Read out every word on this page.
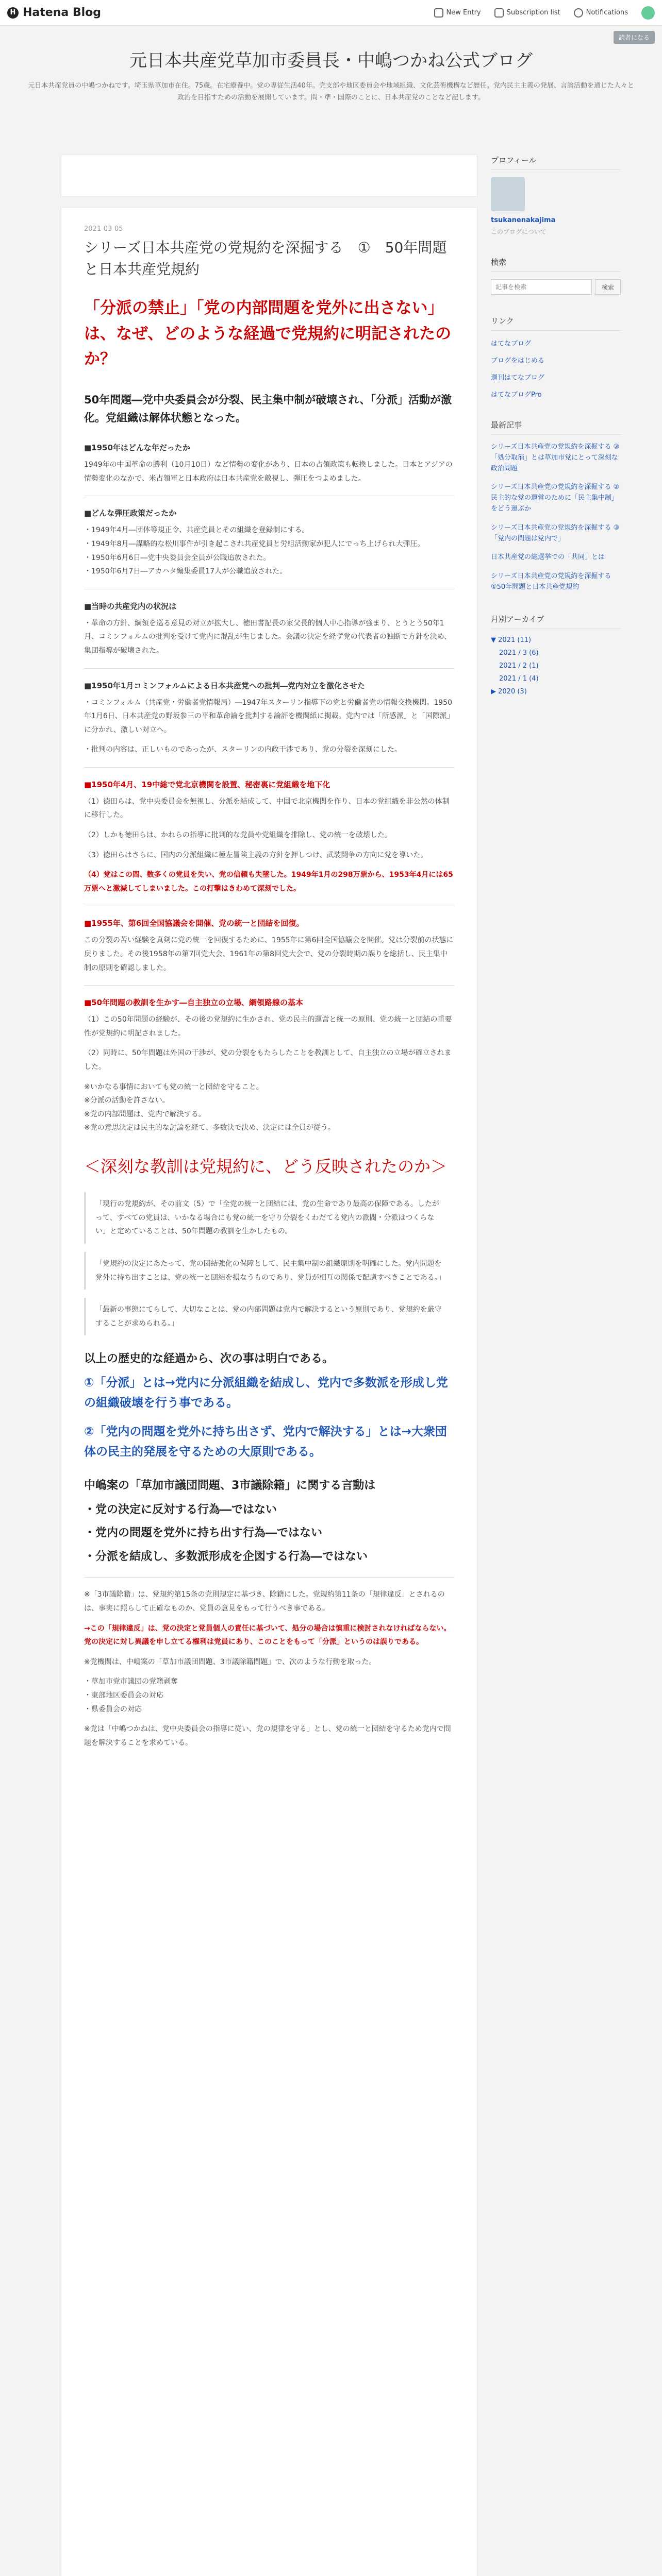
H Hatena Blog	New Entry	Subscription list	Notifications
読者になる
元日本共産党草加市委員長・中嶋つかね公式ブログ

元日本共産党員の中嶋つかねです。埼玉県草加市在住。75歳。在宅療養中。党の専従生活40年。党支部や地区委員会や地域組織、文化芸術機構など歴任。党内民主主義の発展、言論活動を通じた人々と政治を目指すための活動を展開しています。問・準・国際のことに、日本共産党のことなど記します。

2021-03-05
シリーズ日本共産党の党規約を深掘する　①　50年問題と日本共産党規約
「分派の禁止」「党の内部問題を党外に出さない」は、なぜ、どのような経過で党規約に明記されたのか？
50年問題―党中央委員会が分裂、民主集中制が破壊され、「分派」活動が激化。党組織は解体状態となった。
■1950年はどんな年だったか

1949年の中国革命の勝利（10月10日）など情勢の変化があり、日本の占領政策も転換しました。日本とアジアの情勢変化のなかで、米占領軍と日本政府は日本共産党を敵視し、弾圧をつよめました。

■どんな弾圧政策だったか
・1949年4月―団体等規正令、共産党員とその組織を登録制にする。
・1949年8月―謀略的な松川事件が引き起こされ共産党員と労組活動家が犯人にでっち上げられ大弾圧。
・1950年6月6日―党中央委員会全員が公職追放された。
・1950年6月7日―アカハタ編集委員17人が公職追放された。
■当時の共産党内の状況は

・革命の方針、綱領を巡る意見の対立が拡大し、徳田書記長の家父長的個人中心指導が強まり、とうとう50年1月、コミンフォルムの批判を受けて党内に混乱が生じました。会議の決定を経ず党の代表者の独断で方針を決め、集団指導が破壊された。

■1950年1月コミンフォルムによる日本共産党への批判―党内対立を激化させた

・コミンフォルム（共産党・労働者党情報局）―1947年スターリン指導下の党と労働者党の情報交換機関。1950年1月6日、日本共産党の野坂参三の平和革命論を批判する論評を機関紙に掲載。党内では「所感派」と「国際派」に分かれ、激しい対立へ。

・批判の内容は、正しいものであったが、スターリンの内政干渉であり、党の分裂を深刻にした。

■1950年4月、19中総で党北京機関を設置、秘密裏に党組織を地下化

（1）徳田らは、党中央委員会を無視し、分派を結成して、中国で北京機関を作り、日本の党組織を非公然の体制に移行した。

（2）しかも徳田らは、かれらの指導に批判的な党員や党組織を排除し、党の統一を破壊した。

（3）徳田らはさらに、国内の分派組織に極左冒険主義の方針を押しつけ、武装闘争の方向に党を導いた。

（4）党はこの間、数多くの党員を失い、党の信頼も失墜した。1949年1月の298万票から、1953年4月には65万票へと激減してしまいました。この打撃はきわめて深刻でした。

■1955年、第6回全国協議会を開催、党の統一と団結を回復。

この分裂の苦い経験を真剣に党の統一を回復するために、1955年に第6回全国協議会を開催。党は分裂前の状態に戻りました。その後1958年の第7回党大会、1961年の第8回党大会で、党の分裂時期の誤りを総括し、民主集中制の原則を確認しました。

■50年問題の教訓を生かす―自主独立の立場、綱領路線の基本

（1）この50年問題の経験が、その後の党規約に生かされ、党の民主的運営と統一の原則、党の統一と団結の重要性が党規約に明記されました。

（2）同時に、50年問題は外国の干渉が、党の分裂をもたらしたことを教訓として、自主独立の立場が確立されました。

※いかなる事情においても党の統一と団結を守ること。
※分派の活動を許さない。
※党の内部問題は、党内で解決する。
※党の意思決定は民主的な討論を経て、多数決で決め、決定には全員が従う。
＜深刻な教訓は党規約に、どう反映されたのか＞
「現行の党規約が、その前文（5）で「全党の統一と団結には、党の生命であり最高の保障である。したがって、すべての党員は、いかなる場合にも党の統一を守り分裂をくわだてる党内の派閥・分派はつくらない」と定めていることは、50年問題の教訓を生かしたもの。
「党規約の決定にあたって、党の団結強化の保障として、民主集中制の組織原則を明確にした。党内問題を党外に持ち出すことは、党の統一と団結を損なうものであり、党員が相互の関係で配慮すべきことである。」
「最新の事態にてらして、大切なことは、党の内部問題は党内で解決するという原則であり、党規約を厳守することが求められる。」
以上の歴史的な経過から、次の事は明白である。
①「分派」とは→党内に分派組織を結成し、党内で多数派を形成し党の組織破壊を行う事である。
②「党内の問題を党外に持ち出さず、党内で解決する」とは→大衆団体の民主的発展を守るための大原則である。
中嶋案の「草加市議団問題、3市議除籍」に関する言動は
・党の決定に反対する行為―ではない
・党内の問題を党外に持ち出す行為―ではない
・分派を結成し、多数派形成を企図する行為―ではない

※「3市議除籍」は、党規約第15条の党則規定に基づき、除籍にした。党規約第11条の「規律違反」とされるのは、事実に照らして正確なものか、党員の意見をもって行うべき事である。

→この「規律違反」は、党の決定と党員個人の責任に基づいて、処分の場合は慎重に検討されなければならない。党の決定に対し異議を申し立てる権利は党員にあり、このことをもって「分派」というのは誤りである。

※党機関は、中嶋案の「草加市議団問題、3市議除籍問題」で、次のような行動を取った。

・草加市党市議団の党籍剥奪
・東部地区委員会の対応
・県委員会の対応

※党は「中嶋つかねは、党中央委員会の指導に従い、党の規律を守る」とし、党の統一と団結を守るため党内で問題を解決することを求めている。

プロフィール
tsukanenakajima
このブログについて
検索
記事を検索
検索
リンク
はてなブログ
ブログをはじめる
週刊はてなブログ
はてなブログPro
最新記事
シリーズ日本共産党の党規約を深掘する ③「処分取消」とは草加市党にとって深刻な政治問題
シリーズ日本共産党の党規約を深掘する ②民主的な党の運営のために「民主集中制」をどう運ぶか
シリーズ日本共産党の党規約を深掘する ③「党内の問題は党内で」
日本共産党の総選挙での「共同」とは
シリーズ日本共産党の党規約を深掘する ①50年問題と日本共産党規約
月別アーカイブ
▼ 2021 (11)
2021 / 3 (6)
2021 / 2 (1)
2021 / 1 (4)
▶ 2020 (3)
